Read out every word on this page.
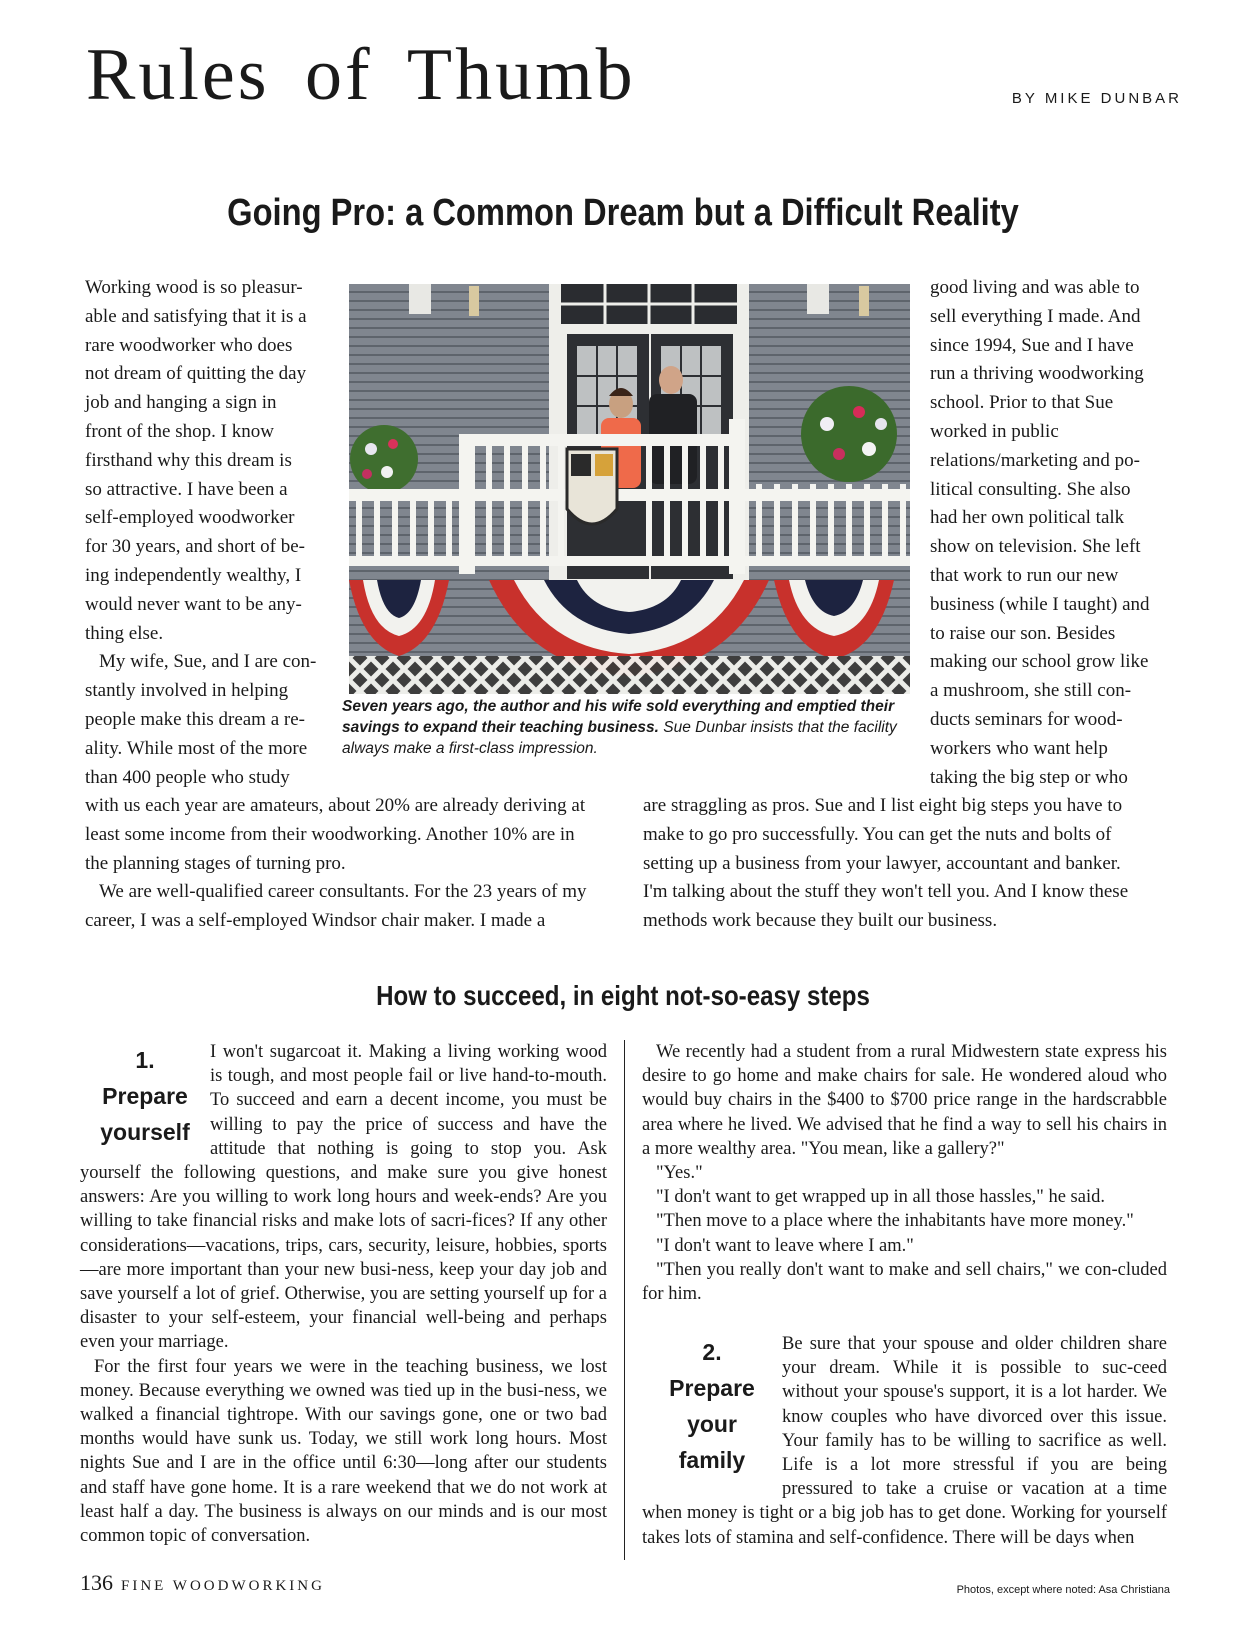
Rules of Thumb	BY MIKE DUNBAR
Going Pro: a Common Dream but a Difficult Reality

Working wood is so pleasur-

able and satisfying that it is a

rare woodworker who does

not dream of quitting the day

job and hanging a sign in

front of the shop. I know

firsthand why this dream is

so attractive. I have been a

self-employed woodworker

for 30 years, and short of be-

ing independently wealthy, I

would never want to be any-

thing else.

My wife, Sue, and I are con-

stantly involved in helping

people make this dream a re-

ality. While most of the more

than 400 people who study

good living and was able to

sell everything I made. And

since 1994, Sue and I have

run a thriving woodworking

school. Prior to that Sue

worked in public

relations/marketing and po-

litical consulting. She also

had her own political talk

show on television. She left

that work to run our new

business (while I taught) and

to raise our son. Besides

making our school grow like

a mushroom, she still con-

ducts seminars for wood-

workers who want help

taking the big step or who

with us each year are amateurs, about 20% are already deriving at

least some income from their woodworking. Another 10% are in

the planning stages of turning pro.

We are well-qualified career consultants. For the 23 years of my

career, I was a self-employed Windsor chair maker. I made a

are straggling as pros. Sue and I list eight big steps you have to

make to go pro successfully. You can get the nuts and bolts of

setting up a business from your lawyer, accountant and banker.

I'm talking about the stuff they won't tell you. And I know these

methods work because they built our business.

Seven years ago, the author and his wife sold everything and emptied their savings to expand their teaching business. Sue Dunbar insists that the facility always make a first-class impression.

How to succeed, in eight not-so-easy steps
1.
Prepare
yourself

I won't sugarcoat it. Making a living working wood is tough, and most people fail or live hand-to-mouth. To succeed and earn a decent income, you must be willing to pay the price of success and have the attitude that nothing is going to stop you. Ask yourself the following questions, and make sure you give honest answers: Are you willing to work long hours and week-ends? Are you willing to take financial risks and make lots of sacri-fices? If any other considerations—vacations, trips, cars, security, leisure, hobbies, sports—are more important than your new busi-ness, keep your day job and save yourself a lot of grief. Otherwise, you are setting yourself up for a disaster to your self-esteem, your financial well-being and perhaps even your marriage.

For the first four years we were in the teaching business, we lost money. Because everything we owned was tied up in the busi-ness, we walked a financial tightrope. With our savings gone, one or two bad months would have sunk us. Today, we still work long hours. Most nights Sue and I are in the office until 6:30—long after our students and staff have gone home. It is a rare weekend that we do not work at least half a day. The business is always on our minds and is our most common topic of conversation.

We recently had a student from a rural Midwestern state express his desire to go home and make chairs for sale. He wondered aloud who would buy chairs in the $400 to $700 price range in the hardscrabble area where he lived. We advised that he find a way to sell his chairs in a more wealthy area. "You mean, like a gallery?"

"Yes."

"I don't want to get wrapped up in all those hassles," he said.

"Then move to a place where the inhabitants have more money."

"I don't want to leave where I am."

"Then you really don't want to make and sell chairs," we con-cluded for him.

2.
Prepare
your
family

Be sure that your spouse and older children share your dream. While it is possible to suc-ceed without your spouse's support, it is a lot harder. We know couples who have divorced over this issue. Your family has to be willing to sacrifice as well. Life is a lot more stressful if you are being pressured to take a cruise or vacation at a time when money is tight or a big job has to get done. Working for yourself takes lots of stamina and self-confidence. There will be days when

136 FINE WOODWORKING	Photos, except where noted: Asa Christiana
